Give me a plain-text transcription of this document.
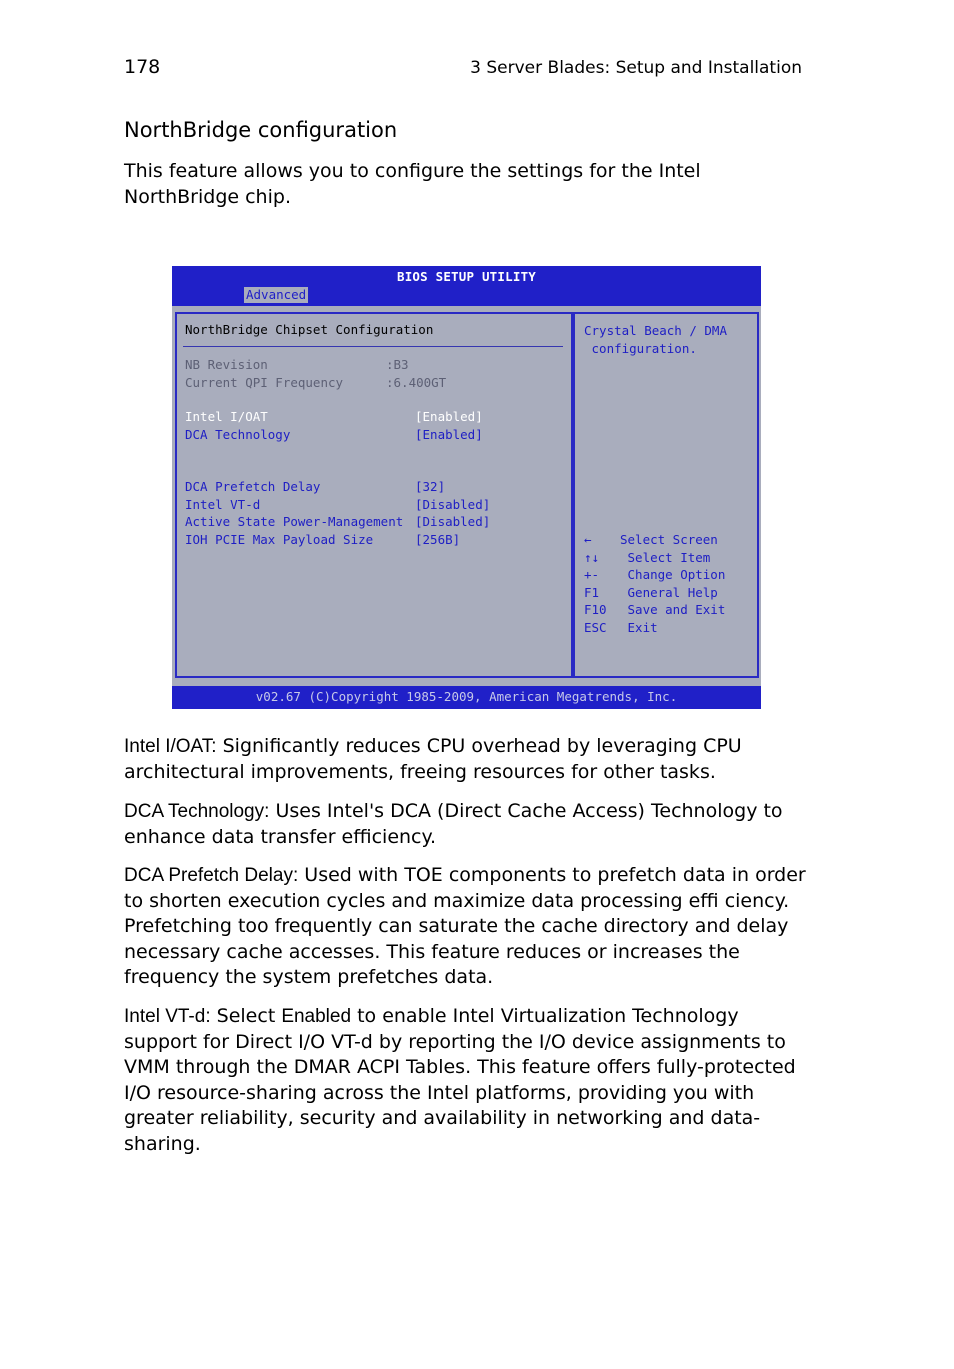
178	3 Server Blades: Setup and Installation
NorthBridge configuration

This feature allows you to configure the settings for the Intel NorthBridge chip.

BIOS SETUP UTILITY
Advanced
NorthBridge Chipset Configuration
NB Revision	:B3
Current QPI Frequency	:6.400GT
Intel I/OAT	[Enabled]
DCA Technology	[Enabled]
DCA Prefetch Delay	[32]
Intel VT-d	[Disabled]
Active State Power-Management [Disabled]
IOH PCIE Max Payload Size	[256B]
Crystal Beach / DMA
configuration.
← Select Screen
↑↓ Select Item
+- Change Option
F1 General Help
F10 Save and Exit
ESC Exit
v02.67 (C)Copyright 1985-2009, American Megatrends, Inc.

Intel I/OAT: Significantly reduces CPU overhead by leveraging CPU architectural improvements, freeing resources for other tasks.

DCA Technology: Uses Intel's DCA (Direct Cache Access) Technology to enhance data transfer efficiency.

DCA Prefetch Delay: Used with TOE components to prefetch data in order to shorten execution cycles and maximize data processing effi ciency. Prefetching too frequently can saturate the cache directory and delay necessary cache accesses. This feature reduces or increases the frequency the system prefetches data.

Intel VT-d: Select Enabled to enable Intel Virtualization Technology support for Direct I/O VT-d by reporting the I/O device assignments to VMM through the DMAR ACPI Tables. This feature offers fully-protected I/O resource-sharing across the Intel platforms, providing you with greater reliability, security and availability in networking and data-sharing.
